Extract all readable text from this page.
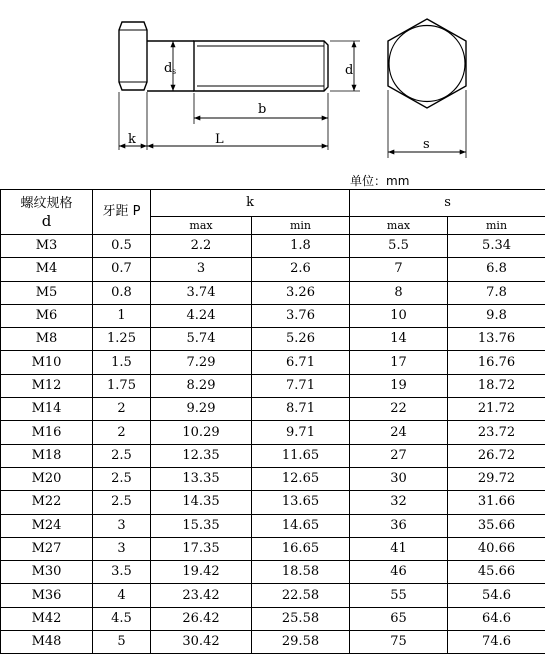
d s	d
b
k	L	s
单位：mm
螺纹规格
d	牙距 P	k		s	
		max	min	max	min
M3	0.5	2.2	1.8	5.5	5.34
M4	0.7	3	2.6	7	6.8
M5	0.8	3.74	3.26	8	7.8
M6	1	4.24	3.76	10	9.8
M8	1.25	5.74	5.26	14	13.76
M10	1.5	7.29	6.71	17	16.76
M12	1.75	8.29	7.71	19	18.72
M14	2	9.29	8.71	22	21.72
M16	2	10.29	9.71	24	23.72
M18	2.5	12.35	11.65	27	26.72
M20	2.5	13.35	12.65	30	29.72
M22	2.5	14.35	13.65	32	31.66
M24	3	15.35	14.65	36	35.66
M27	3	17.35	16.65	41	40.66
M30	3.5	19.42	18.58	46	45.66
M36	4	23.42	22.58	55	54.6
M42	4.5	26.42	25.58	65	64.6
M48	5	30.42	29.58	75	74.6
